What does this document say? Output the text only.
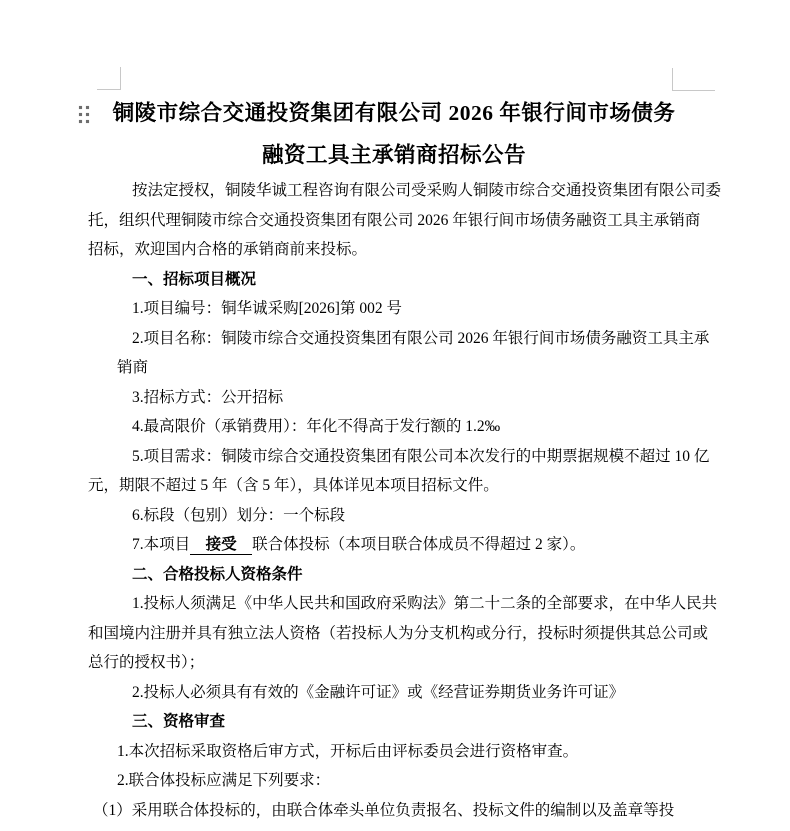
铜陵市综合交通投资集团有限公司 2026 年银行间市场债务
融资工具主承销商招标公告
按法定授权，铜陵华诚工程咨询有限公司受采购人铜陵市综合交通投资集团有限公司委
托，组织代理铜陵市综合交通投资集团有限公司 2026 年银行间市场债务融资工具主承销商
招标，欢迎国内合格的承销商前来投标。
一、招标项目概况
1.项目编号：铜华诚采购[2026]第 002 号
2.项目名称：铜陵市综合交通投资集团有限公司 2026 年银行间市场债务融资工具主承
销商
3.招标方式：公开招标
4.最高限价（承销费用）：年化不得高于发行额的 1.2‰
5.项目需求：铜陵市综合交通投资集团有限公司本次发行的中期票据规模不超过 10 亿
元，期限不超过 5 年（含 5 年），具体详见本项目招标文件。
6.标段（包别）划分：一个标段
7.本项目　接受　联合体投标（本项目联合体成员不得超过 2 家）。
二、合格投标人资格条件
1.投标人须满足《中华人民共和国政府采购法》第二十二条的全部要求，在中华人民共
和国境内注册并具有独立法人资格（若投标人为分支机构或分行，投标时须提供其总公司或
总行的授权书）；
2.投标人必须具有有效的《金融许可证》或《经营证券期货业务许可证》
三、资格审查
1.本次招标采取资格后审方式，开标后由评标委员会进行资格审查。
2.联合体投标应满足下列要求：
（1）采用联合体投标的，由联合体牵头单位负责报名、投标文件的编制以及盖章等投
